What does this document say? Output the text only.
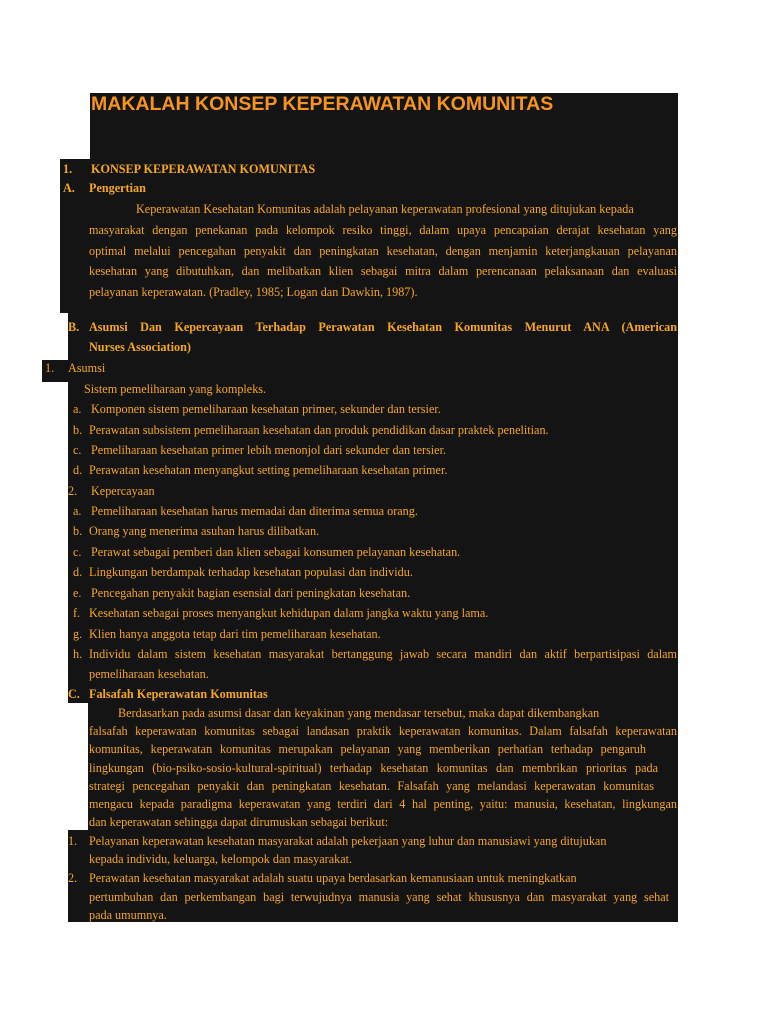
MAKALAH KONSEP KEPERAWATAN KOMUNITAS
1. KONSEP KEPERAWATAN KOMUNITAS
A. Pengertian
Keperawatan Kesehatan Komunitas adalah pelayanan keperawatan profesional yang ditujukan kepada
masyarakat dengan penekanan pada kelompok resiko tinggi, dalam upaya pencapaian derajat kesehatan yang
optimal melalui pencegahan penyakit dan peningkatan kesehatan, dengan menjamin keterjangkauan pelayanan
kesehatan yang dibutuhkan, dan melibatkan klien sebagai mitra dalam perencanaan pelaksanaan dan evaluasi
pelayanan keperawatan. (Pradley, 1985; Logan dan Dawkin, 1987).
B. Asumsi Dan Kepercayaan Terhadap Perawatan Kesehatan Komunitas Menurut ANA (American
Nurses Association)
1. Asumsi
Sistem pemeliharaan yang kompleks.
a. Komponen sistem pemeliharaan kesehatan primer, sekunder dan tersier.
b. Perawatan subsistem pemeliharaan kesehatan dan produk pendidikan dasar praktek penelitian.
c. Pemeliharaan kesehatan primer lebih menonjol dari sekunder dan tersier.
d. Perawatan kesehatan menyangkut setting pemeliharaan kesehatan primer.
2. Kepercayaan
a. Pemeliharaan kesehatan harus memadai dan diterima semua orang.
b. Orang yang menerima asuhan harus dilibatkan.
c. Perawat sebagai pemberi dan klien sebagai konsumen pelayanan kesehatan.
d. Lingkungan berdampak terhadap kesehatan populasi dan individu.
e. Pencegahan penyakit bagian esensial dari peningkatan kesehatan.
f. Kesehatan sebagai proses menyangkut kehidupan dalam jangka waktu yang lama.
g. Klien hanya anggota tetap dari tim pemeliharaan kesehatan.
h. Individu dalam sistem kesehatan masyarakat bertanggung jawab secara mandiri dan aktif berpartisipasi dalam
pemeliharaan kesehatan.
C. Falsafah Keperawatan Komunitas
Berdasarkan pada asumsi dasar dan keyakinan yang mendasar tersebut, maka dapat dikembangkan
falsafah keperawatan komunitas sebagai landasan praktik keperawatan komunitas. Dalam falsafah keperawatan
komunitas, keperawatan komunitas merupakan pelayanan yang memberikan perhatian terhadap pengaruh
lingkungan (bio-psiko-sosio-kultural-spiritual) terhadap kesehatan komunitas dan membrikan prioritas pada
strategi pencegahan penyakit dan peningkatan kesehatan. Falsafah yang melandasi keperawatan komunitas
mengacu kepada paradigma keperawatan yang terdiri dari 4 hal penting, yaitu: manusia, kesehatan, lingkungan
dan keperawatan sehingga dapat dirumuskan sebagai berikut:
1. Pelayanan keperawatan kesehatan masyarakat adalah pekerjaan yang luhur dan manusiawi yang ditujukan
kepada individu, keluarga, kelompok dan masyarakat.
2. Perawatan kesehatan masyarakat adalah suatu upaya berdasarkan kemanusiaan untuk meningkatkan
pertumbuhan dan perkembangan bagi terwujudnya manusia yang sehat khususnya dan masyarakat yang sehat
pada umumnya.
